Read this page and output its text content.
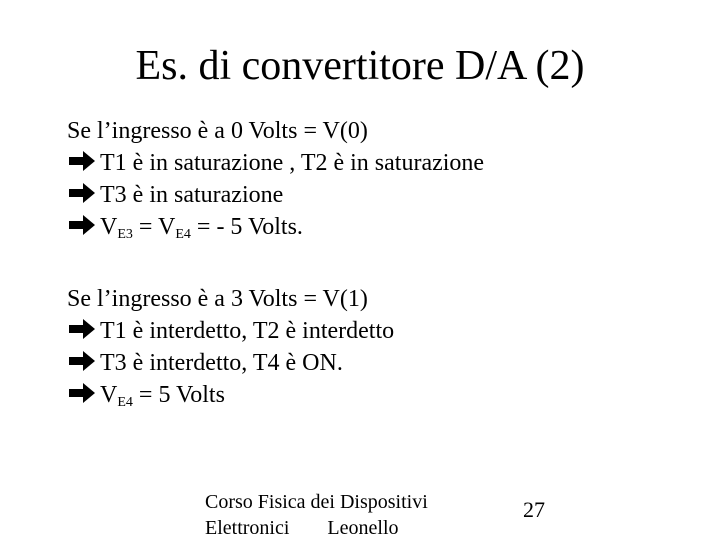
Es. di convertitore D/A (2)
Se l’ingresso è a 0 Volts = V(0)
T1 è in saturazione , T2 è in saturazione
T3 è in saturazione
$V_{E3} = V_{E4}$ = - 5 Volts.
Se l’ingresso è a 3 Volts = V(1)
T1 è interdetto, T2 è interdetto
T3 è interdetto, T4 è ON.
$V_{E4} = 5$ Volts
Corso Fisica dei Dispositivi
Elettronici Leonello
27
